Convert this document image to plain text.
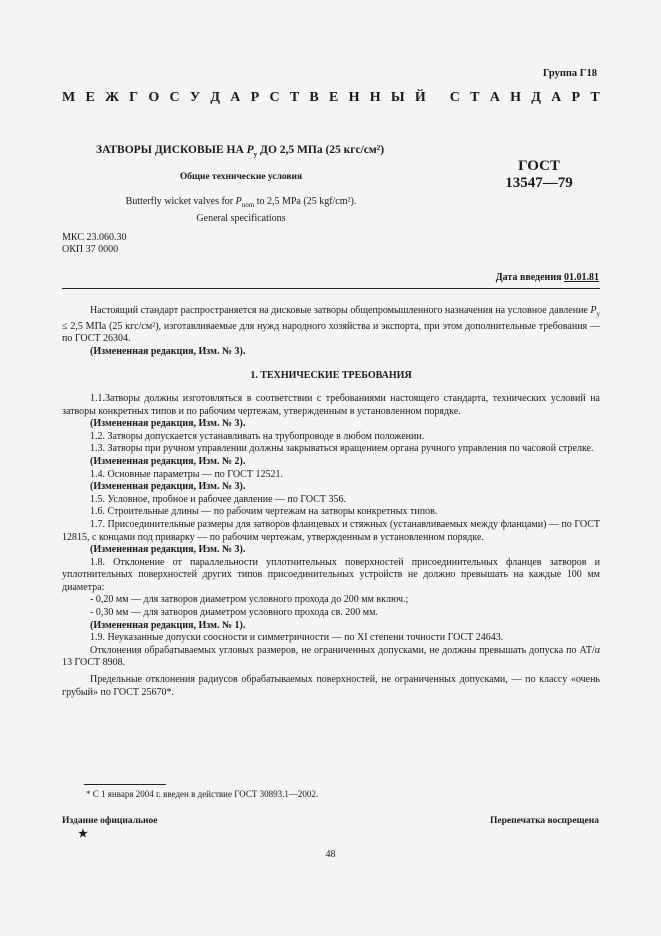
Группа Г18
М Е Ж Г О С У Д А Р С Т В Е Н Н Ы Й
С Т А Н Д А Р Т
ЗАТВОРЫ ДИСКОВЫЕ НА $P_у$ ДО 2,5 МПа (25 кгс/см²)
Общие технические условия
ГОСТ
13547—79
Butterfly wicket valves for $P_{nom}$ to 2,5 MPa (25 kgf/cm²).
General specifications
МКС 23.060.30
ОКП 37 0000
Дата введения 01.01.81

Настоящий стандарт распространяется на дисковые затворы общепромышленного назначения на условное давление $P_у \le 2,5$ МПа (25 кгс/см²), изготавливаемые для нужд народного хозяйства и экспорта, при этом дополнительные требования — по ГОСТ 26304.

(Измененная редакция, Изм. № 3).

1. ТЕХНИЧЕСКИЕ ТРЕБОВАНИЯ

1.1.Затворы должны изготовляться в соответствии с требованиями настоящего стандарта, технических условий на затворы конкретных типов и по рабочим чертежам, утвержденным в установленном порядке.

(Измененная редакция, Изм. № 3).

1.2. Затворы допускается устанавливать на трубопроводе в любом положении.

1.3. Затворы при ручном управлении должны закрываться вращением органа ручного управления по часовой стрелке.

(Измененная редакция, Изм. № 2).

1.4. Основные параметры — по ГОСТ 12521.

(Измененная редакция, Изм. № 3).

1.5. Условное, пробное и рабочее давление — по ГОСТ 356.

1.6. Строительные длины — по рабочим чертежам на затворы конкретных типов.

1.7. Присоединительные размеры для затворов фланцевых и стяжных (устанавливаемых между фланцами) — по ГОСТ 12815, с концами под приварку — по рабочим чертежам, утвержденным в установленном порядке.

(Измененная редакция, Изм. № 3).

1.8. Отклонение от параллельности уплотнительных поверхностей присоединительных фланцев затворов и уплотнительных поверхностей других типов присоединительных устройств не должно превышать на каждые 100 мм диаметра:

- 0,20 мм — для затворов диаметром условного прохода до 200 мм включ.;

- 0,30 мм — для затворов диаметром условного прохода св. 200 мм.

(Измененная редакция, Изм. № 1).

1.9. Неуказанные допуски соосности и симметричности — по XI степени точности ГОСТ 24643.

Отклонения обрабатываемых угловых размеров, не ограниченных допусками, не должны превышать допуска по АТ/α 13 ГОСТ 8908.

Предельные отклонения радиусов обрабатываемых поверхностей, не ограниченных допусками, — по классу «очень грубый» по ГОСТ 25670*.

* С 1 января 2004 г. введен в действие ГОСТ 30893.1—2002.
Издание официальное
★
Перепечатка воспрещена
48
